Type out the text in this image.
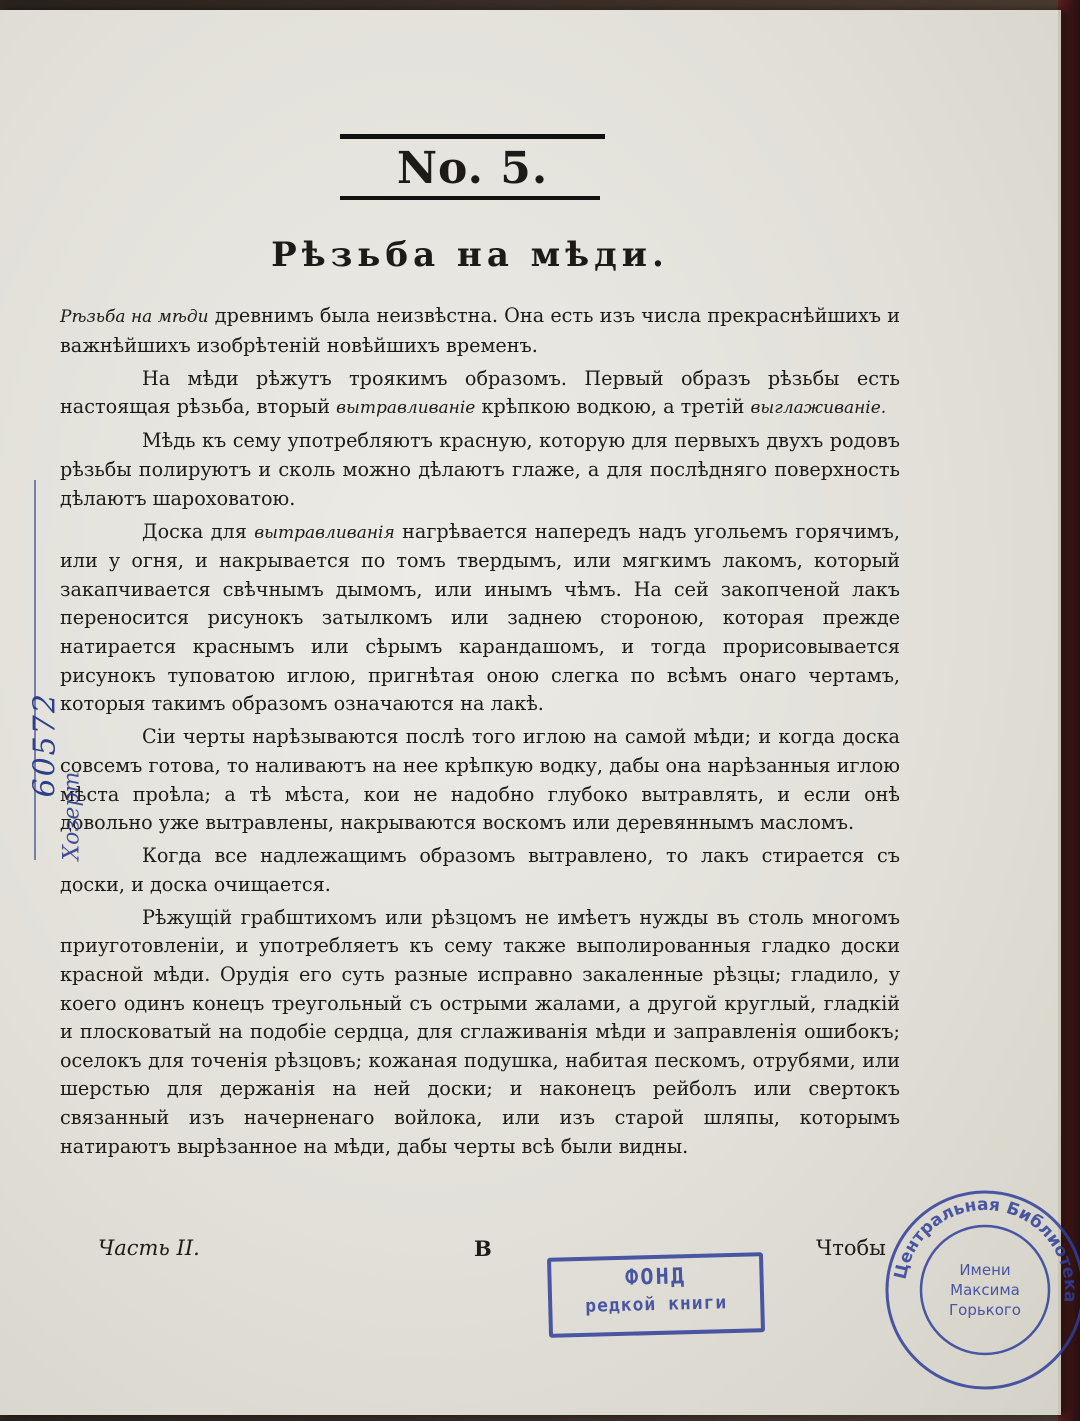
No. 5.
Рѣзьба на мѣди.

Рѣзьба на мѣди древнимъ была неизвѣстна. Она есть изъ числа прекраснѣйшихъ и важнѣйшихъ изобрѣтенiй новѣйшихъ временъ.

На мѣди рѣжутъ троякимъ образомъ. Первый образъ рѣзьбы есть настоящая рѣзьба, вторый вытравливанiе крѣпкою водкою, а третiй выглаживанiе.

Мѣдь къ сему употребляютъ красную, которую для первыхъ двухъ родовъ рѣзьбы полируютъ и сколь можно дѣлаютъ глаже, а для послѣдняго поверхность дѣлаютъ шароховатою.

Доска для вытравливанiя нагрѣвается напередъ надъ угольемъ горячимъ, или у огня, и накрывается по томъ твердымъ, или мягкимъ лакомъ, который закапчивается свѣчнымъ дымомъ, или инымъ чѣмъ. На сей закопченой лакъ переносится рисунокъ затылкомъ или заднею стороною, которая прежде натирается краснымъ или сѣрымъ карандашомъ, и тогда прорисовывается рисунокъ туповатою иглою, пригнѣтая оною слегка по всѣмъ онаго чертамъ, которыя такимъ образомъ означаются на лакѣ.

Сiи черты нарѣзываются послѣ того иглою на самой мѣди; и когда доска совсемъ готова, то наливаютъ на нее крѣпкую водку, дабы она нарѣзанныя иглою мѣста проѣла; а тѣ мѣста, кои не надобно глубоко вытравлять, и если онѣ довольно уже вытравлены, накрываются воскомъ или деревяннымъ масломъ.

Когда все надлежащимъ образомъ вытравлено, то лакъ стирается съ доски, и доска очищается.

Рѣжущiй грабштихомъ или рѣзцомъ не имѣетъ нужды въ столь многомъ приуготовленiи, и употребляетъ къ сему также выполированныя гладко доски красной мѣди. Орудiя его суть разные исправно закаленные рѣзцы; гладило, у коего одинъ конецъ треугольный съ острыми жалами, а другой круглый, гладкiй и плосковатый на подобiе сердца, для сглаживанiя мѣди и заправленiя ошибокъ; оселокъ для точенiя рѣзцовъ; кожаная подушка, набитая пескомъ, отрубями, или шерстью для держанiя на ней доски; и наконецъ рейболъ или свертокъ связанный изъ начерненаго войлока, или изъ старой шляпы, которымъ натираютъ вырѣзанное на мѣди, дабы черты всѣ были видны.

Часть II.	В	Чтобы
60572
Хозерт
ФОНД
редкой книги
Центральная Библиотека
Имени
Максима
Горького
